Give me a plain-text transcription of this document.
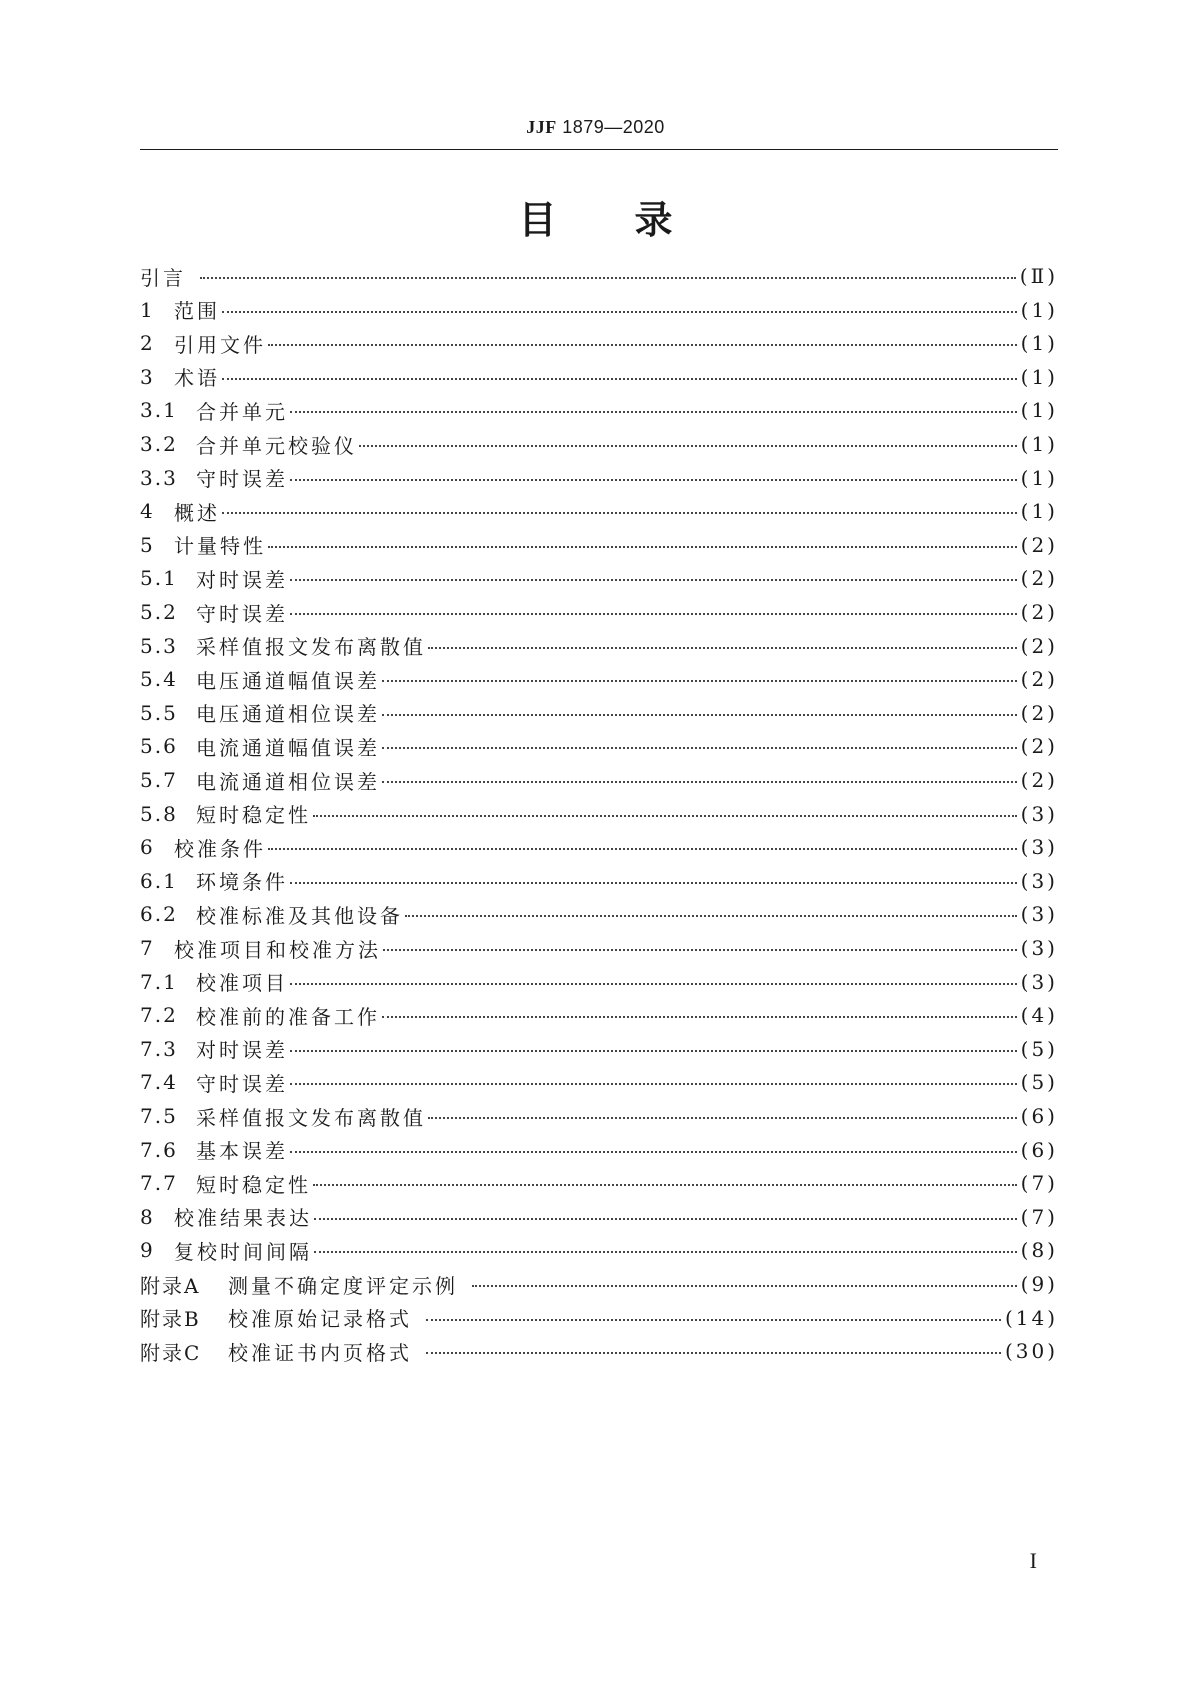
JJF 1879—2020
目 录
引言	(Ⅱ)
1 范围	(1)
2 引用文件	(1)
3 术语	(1)
3.1 合并单元	(1)
3.2 合并单元校验仪	(1)
3.3 守时误差	(1)
4 概述	(1)
5 计量特性	(2)
5.1 对时误差	(2)
5.2 守时误差	(2)
5.3 采样值报文发布离散值	(2)
5.4 电压通道幅值误差	(2)
5.5 电压通道相位误差	(2)
5.6 电流通道幅值误差	(2)
5.7 电流通道相位误差	(2)
5.8 短时稳定性	(3)
6 校准条件	(3)
6.1 环境条件	(3)
6.2 校准标准及其他设备	(3)
7 校准项目和校准方法	(3)
7.1 校准项目	(3)
7.2 校准前的准备工作	(4)
7.3 对时误差	(5)
7.4 守时误差	(5)
7.5 采样值报文发布离散值	(6)
7.6 基本误差	(6)
7.7 短时稳定性	(7)
8 校准结果表达	(7)
9 复校时间间隔	(8)
附录A	测量不确定度评定示例	(9)
附录B	校准原始记录格式	(14)
附录C	校准证书内页格式	(30)
I
